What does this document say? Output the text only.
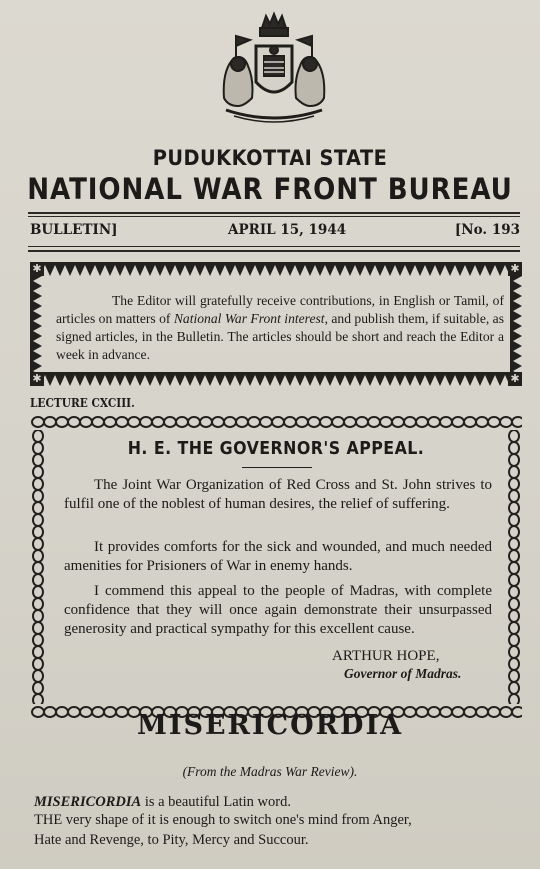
PUDUKKOTTAI STATE
NATIONAL WAR FRONT BUREAU
BULLETIN]	APRIL 15, 1944	[No. 193
✱	✱
✱	✱
The Editor will gratefully receive contributions, in English or Tamil, of articles on matters of National War Front interest, and publish them, if suitable, as signed articles, in the Bulletin. The articles should be short and reach the Editor a week in advance.
LECTURE CXCIII.
H. E. THE GOVERNOR'S APPEAL.
The Joint War Organization of Red Cross and St. John strives to fulfil one of the noblest of human desires, the relief of suffering.
It provides comforts for the sick and wounded, and much needed amenities for Prisioners of War in enemy hands.
I commend this appeal to the people of Madras, with complete confidence that they will once again demonstrate their unsurpassed generosity and practical sympathy for this excellent cause.
ARTHUR HOPE,
Governor of Madras.
MISERICORDIA
(From the Madras War Review).
MISERICORDIA is a beautiful Latin word.
THE very shape of it is enough to switch one's mind from Anger,
Hate and Revenge, to Pity, Mercy and Succour.
